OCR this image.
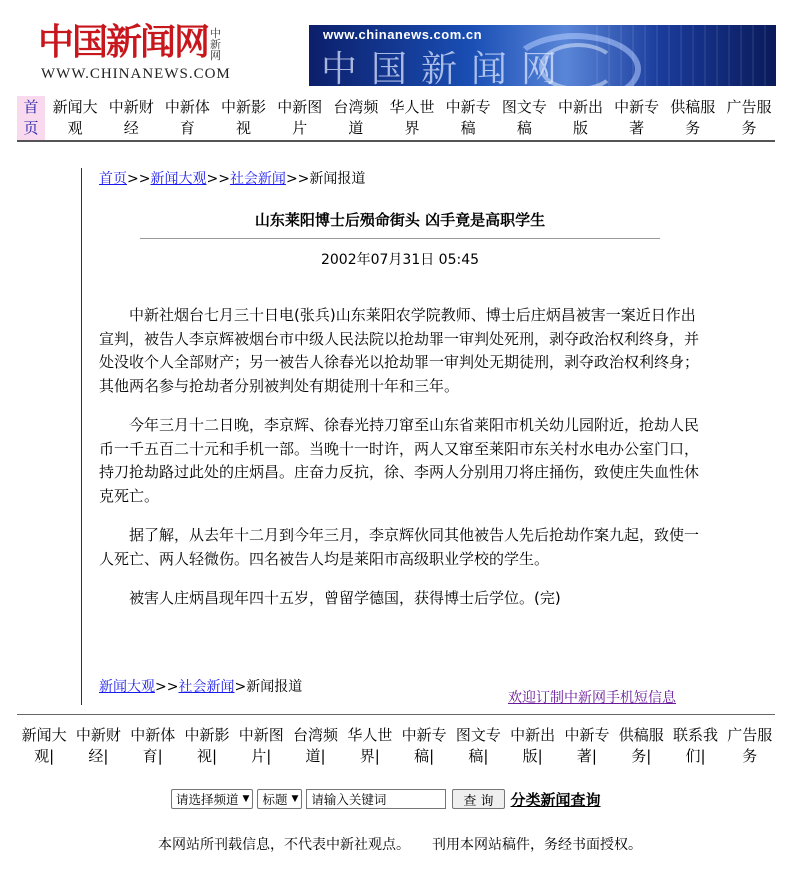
中国新闻网 中新网
WWW.CHINANEWS.COM
www.chinanews.com.cn
中国新闻网
首页
新闻大观
中新财经
中新体育
中新影视
中新图片
台湾频道
华人世界
中新专稿
图文专稿
中新出版
中新专著
供稿服务
广告服务
首页>>新闻大观>>社会新闻>>新闻报道
山东莱阳博士后殒命街头 凶手竟是高职学生
2002年07月31日 05:45

中新社烟台七月三十日电(张兵)山东莱阳农学院教师、博士后庄炳昌被害一案近日作出宣判，被告人李京辉被烟台市中级人民法院以抢劫罪一审判处死刑，剥夺政治权利终身，并处没收个人全部财产；另一被告人徐春光以抢劫罪一审判处无期徒刑，剥夺政治权利终身；其他两名参与抢劫者分别被判处有期徒刑十年和三年。

今年三月十二日晚，李京辉、徐春光持刀窜至山东省莱阳市机关幼儿园附近，抢劫人民币一千五百二十元和手机一部。当晚十一时许，两人又窜至莱阳市东关村水电办公室门口，持刀抢劫路过此处的庄炳昌。庄奋力反抗，徐、李两人分别用刀将庄捅伤，致使庄失血性休克死亡。

据了解，从去年十二月到今年三月，李京辉伙同其他被告人先后抢劫作案九起，致使一人死亡、两人轻微伤。四名被告人均是莱阳市高级职业学校的学生。

被害人庄炳昌现年四十五岁，曾留学德国，获得博士后学位。(完)

新闻大观>>社会新闻>新闻报道
欢迎订制中新网手机短信息
新闻大观|
中新财经|
中新体育|
中新影视|
中新图片|
台湾频道|
华人世界|
中新专稿|
图文专稿|
中新出版|
中新专著|
供稿服务|
联系我们|
广告服务
请选择频道 ▼ 标题 ▼	请输入关键词	查 询	分类新闻查询
本网站所刊载信息，不代表中新社观点。 刊用本网站稿件，务经书面授权。
